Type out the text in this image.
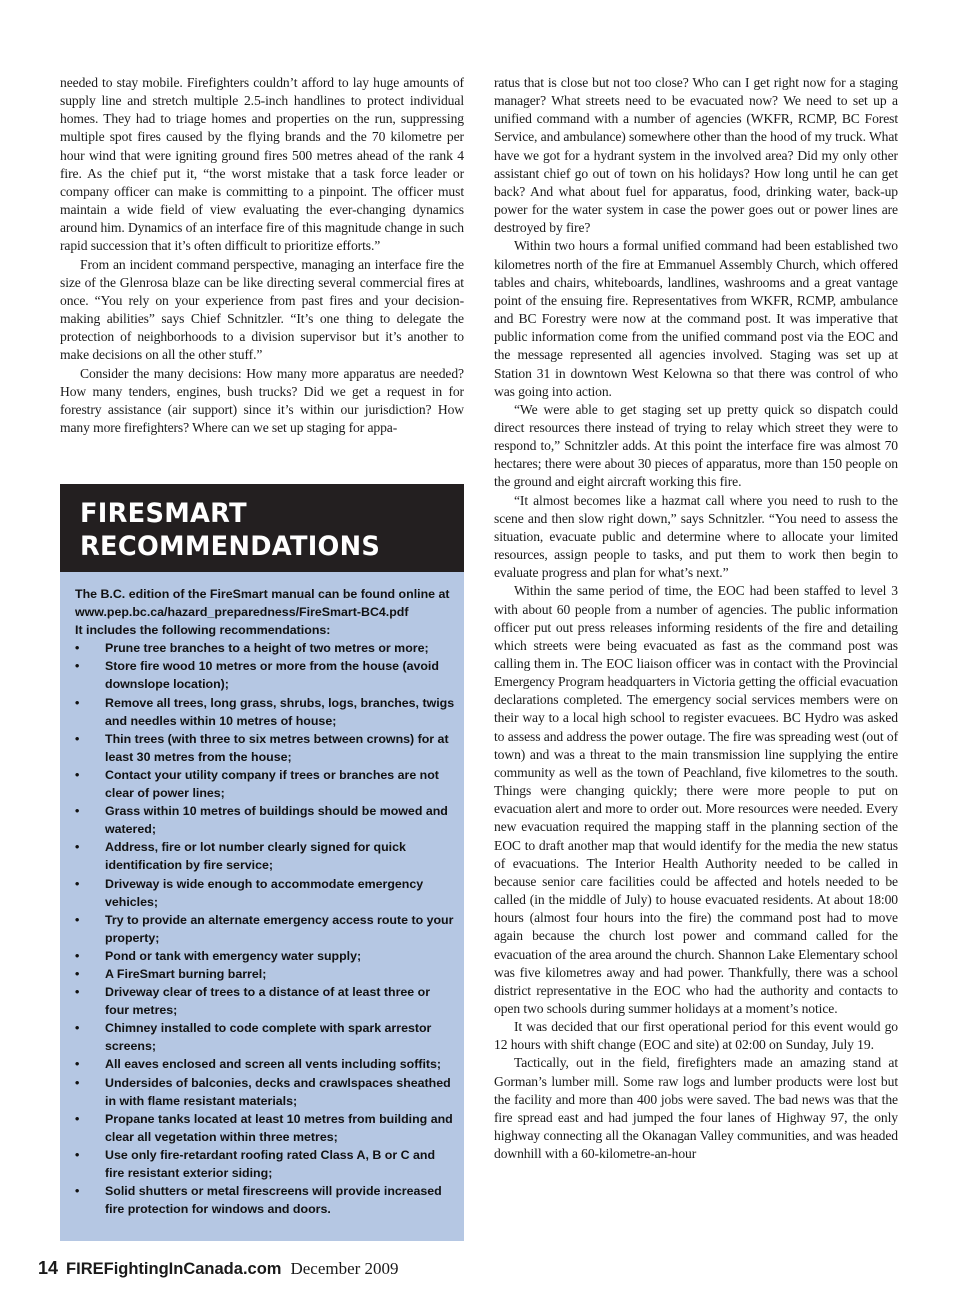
needed to stay mobile. Firefighters couldn’t afford to lay huge amounts of supply line and stretch multiple 2.5-inch handlines to protect individual homes. They had to triage homes and properties on the run, suppressing multiple spot fires caused by the flying brands and the 70 kilometre per hour wind that were igniting ground fires 500 metres ahead of the rank 4 fire. As the chief put it, “the worst mistake that a task force leader or company officer can make is committing to a pinpoint. The officer must maintain a wide field of view evaluating the ever-changing dynamics around him. Dynamics of an interface fire of this magnitude change in such rapid succession that it’s often difficult to prioritize efforts.”

From an incident command perspective, managing an interface fire the size of the Glenrosa blaze can be like directing several commercial fires at once. “You rely on your experience from past fires and your decision-making abilities” says Chief Schnitzler. “It’s one thing to delegate the protection of neighborhoods to a division supervisor but it’s another to make decisions on all the other stuff.”

Consider the many decisions: How many more apparatus are needed? How many tenders, engines, bush trucks? Did we get a request in for forestry assistance (air support) since it’s within our jurisdiction? How many more firefighters? Where can we set up staging for appa-

FIRESMART
RECOMMENDATIONS

The B.C. edition of the FireSmart manual can be found online at

www.pep.bc.ca/hazard_preparedness/FireSmart-BC4.pdf

It includes the following recommendations:

• Prune tree branches to a height of two metres or more;
• Store fire wood 10 metres or more from the house (avoid downslope location);
• Remove all trees, long grass, shrubs, logs, branches, twigs and needles within 10 metres of house;
• Thin trees (with three to six metres between crowns) for at least 30 metres from the house;
• Contact your utility company if trees or branches are not clear of power lines;
• Grass within 10 metres of buildings should be mowed and watered;
• Address, fire or lot number clearly signed for quick identification by fire service;
• Driveway is wide enough to accommodate emergency vehicles;
• Try to provide an alternate emergency access route to your property;
• Pond or tank with emergency water supply;
• A FireSmart burning barrel;
• Driveway clear of trees to a distance of at least three or four metres;
• Chimney installed to code complete with spark arrestor screens;
• All eaves enclosed and screen all vents including soffits;
• Undersides of balconies, decks and crawlspaces sheathed in with flame resistant materials;
• Propane tanks located at least 10 metres from building and clear all vegetation within three metres;
• Use only fire-retardant roofing rated Class A, B or C and fire resistant exterior siding;
• Solid shutters or metal firescreens will provide increased fire protection for windows and doors.

ratus that is close but not too close? Who can I get right now for a staging manager? What streets need to be evacuated now? We need to set up a unified command with a number of agencies (WKFR, RCMP, BC Forest Service, and ambulance) somewhere other than the hood of my truck. What have we got for a hydrant system in the involved area? Did my only other assistant chief go out of town on his holidays? How long until he can get back? And what about fuel for apparatus, food, drinking water, back-up power for the water system in case the power goes out or power lines are destroyed by fire?

Within two hours a formal unified command had been established two kilometres north of the fire at Emmanuel Assembly Church, which offered tables and chairs, whiteboards, landlines, washrooms and a great vantage point of the ensuing fire. Representatives from WKFR, RCMP, ambulance and BC Forestry were now at the command post. It was imperative that public information come from the unified command post via the EOC and the message represented all agencies involved. Staging was set up at Station 31 in downtown West Kelowna so that there was control of who was going into action.

“We were able to get staging set up pretty quick so dispatch could direct resources there instead of trying to relay which street they were to respond to,” Schnitzler adds. At this point the interface fire was almost 70 hectares; there were about 30 pieces of apparatus, more than 150 people on the ground and eight aircraft working this fire.

“It almost becomes like a hazmat call where you need to rush to the scene and then slow right down,” says Schnitzler. “You need to assess the situation, evacuate public and determine where to allocate your limited resources, assign people to tasks, and put them to work then begin to evaluate progress and plan for what’s next.”

Within the same period of time, the EOC had been staffed to level 3 with about 60 people from a number of agencies. The public information officer put out press releases informing residents of the fire and detailing which streets were being evacuated as fast as the command post was calling them in. The EOC liaison officer was in contact with the Provincial Emergency Program headquarters in Victoria getting the official evacuation declarations completed. The emergency social services members were on their way to a local high school to register evacuees. BC Hydro was asked to assess and address the power outage. The fire was spreading west (out of town) and was a threat to the main transmission line supplying the entire community as well as the town of Peachland, five kilometres to the south. Things were changing quickly; there were more people to put on evacuation alert and more to order out. More resources were needed. Every new evacuation required the mapping staff in the planning section of the EOC to draft another map that would identify for the media the new status of evacuations. The Interior Health Authority needed to be called in because senior care facilities could be affected and hotels needed to be called (in the middle of July) to house evacuated residents. At about 18:00 hours (almost four hours into the fire) the command post had to move again because the church lost power and command called for the evacuation of the area around the church. Shannon Lake Elementary school was five kilometres away and had power. Thankfully, there was a school district representative in the EOC who had the authority and contacts to open two schools during summer holidays at a moment’s notice.

It was decided that our first operational period for this event would go 12 hours with shift change (EOC and site) at 02:00 on Sunday, July 19.

Tactically, out in the field, firefighters made an amazing stand at Gorman’s lumber mill. Some raw logs and lumber products were lost but the facility and more than 400 jobs were saved. The bad news was that the fire spread east and had jumped the four lanes of Highway 97, the only highway connecting all the Okanagan Valley communities, and was headed downhill with a 60-kilometre-an-hour

14 FIREFightingInCanada.com December 2009
